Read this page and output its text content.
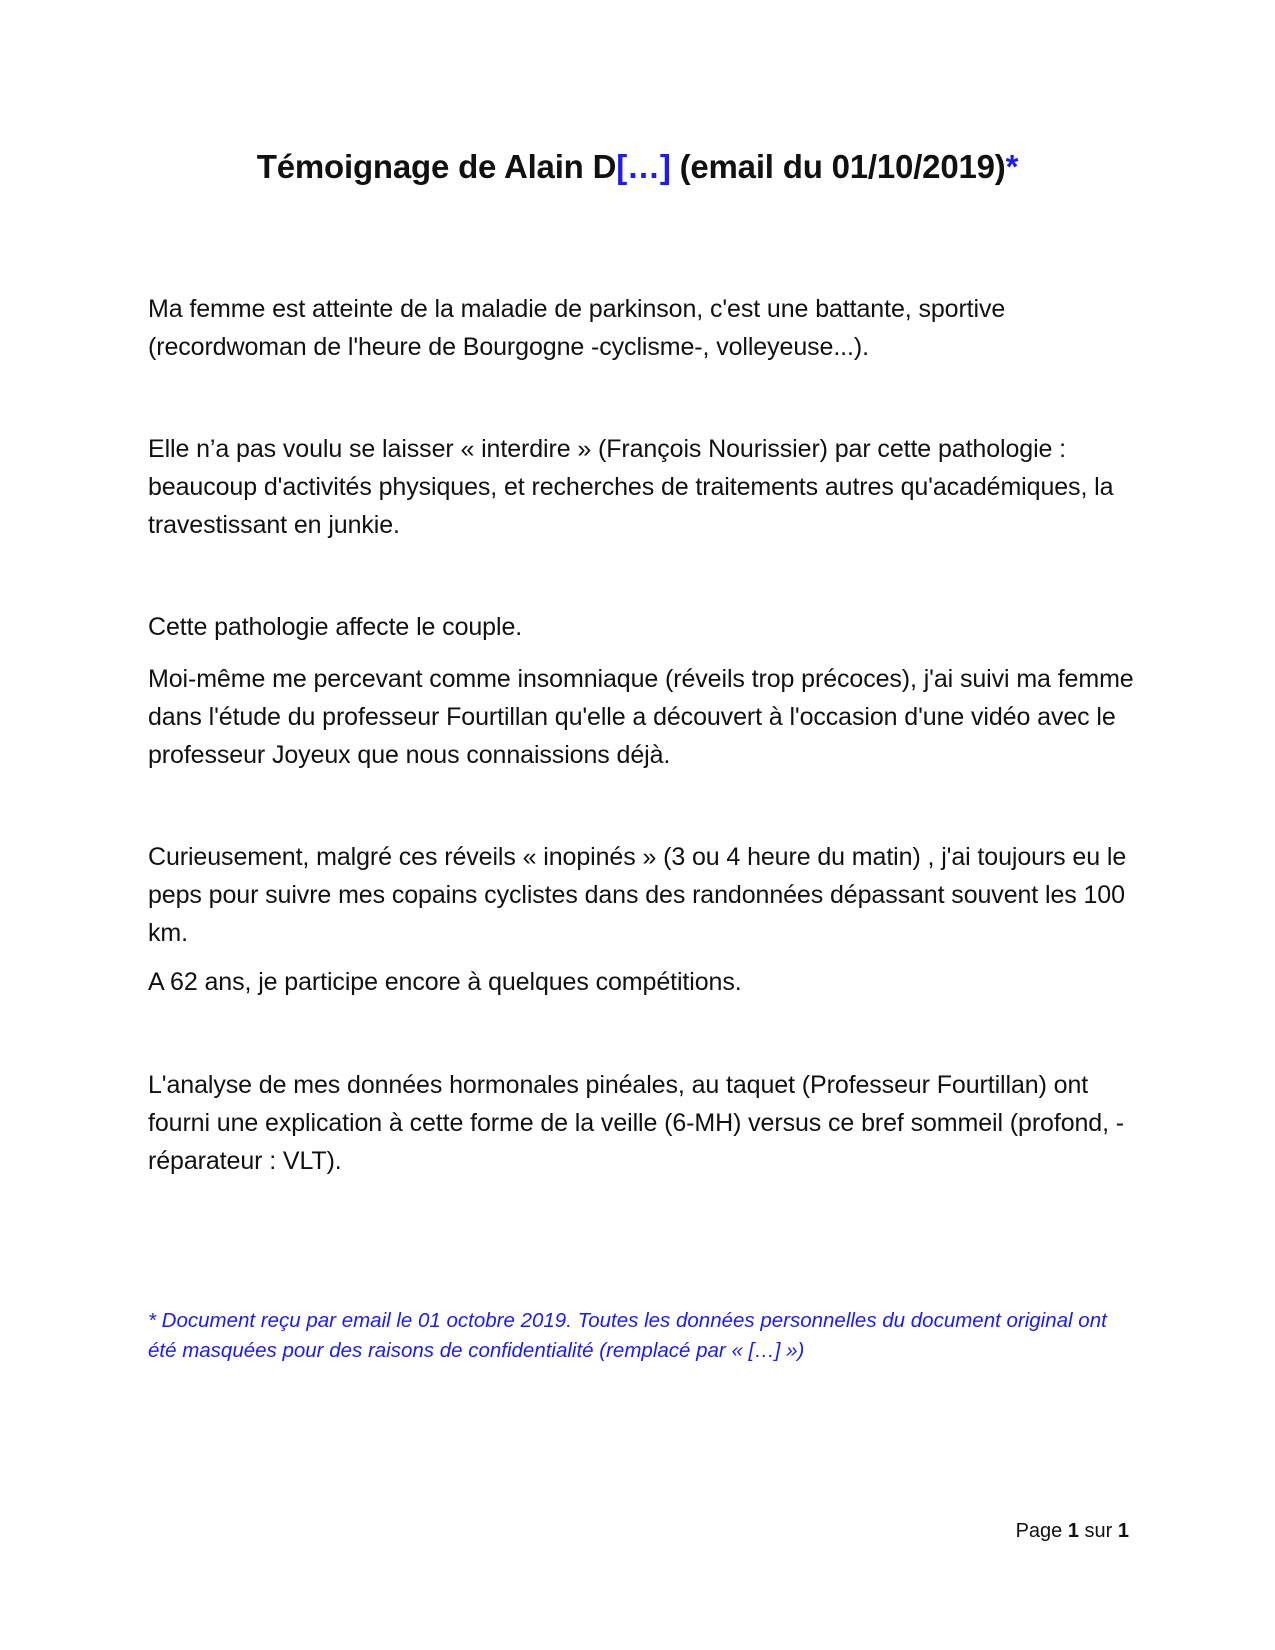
Témoignage de Alain D[…] (email du 01/10/2019)*

Ma femme est atteinte de la maladie de parkinson, c'est une battante, sportive (recordwoman de l'heure de Bourgogne -cyclisme-, volleyeuse...).

Elle n’a pas voulu se laisser « interdire » (François Nourissier) par cette pathologie : beaucoup d'activités physiques, et recherches de traitements autres qu'académiques, la travestissant en junkie.

Cette pathologie affecte le couple.

Moi-même me percevant comme insomniaque (réveils trop précoces), j'ai suivi ma femme dans l'étude du professeur Fourtillan qu'elle a découvert à l'occasion d'une vidéo avec le professeur Joyeux que nous connaissions déjà.

Curieusement, malgré ces réveils « inopinés » (3 ou 4 heure du matin) , j'ai toujours eu le peps pour suivre mes copains cyclistes dans des randonnées dépassant souvent les 100 km.

A 62 ans, je participe encore à quelques compétitions.

L'analyse de mes données hormonales pinéales, au taquet (Professeur Fourtillan) ont fourni une explication à cette forme de la veille (6-MH) versus ce bref sommeil (profond, -réparateur : VLT).

* Document reçu par email le 01 octobre 2019. Toutes les données personnelles du document original ont été masquées pour des raisons de confidentialité (remplacé par « […] »)

Page 1 sur 1
